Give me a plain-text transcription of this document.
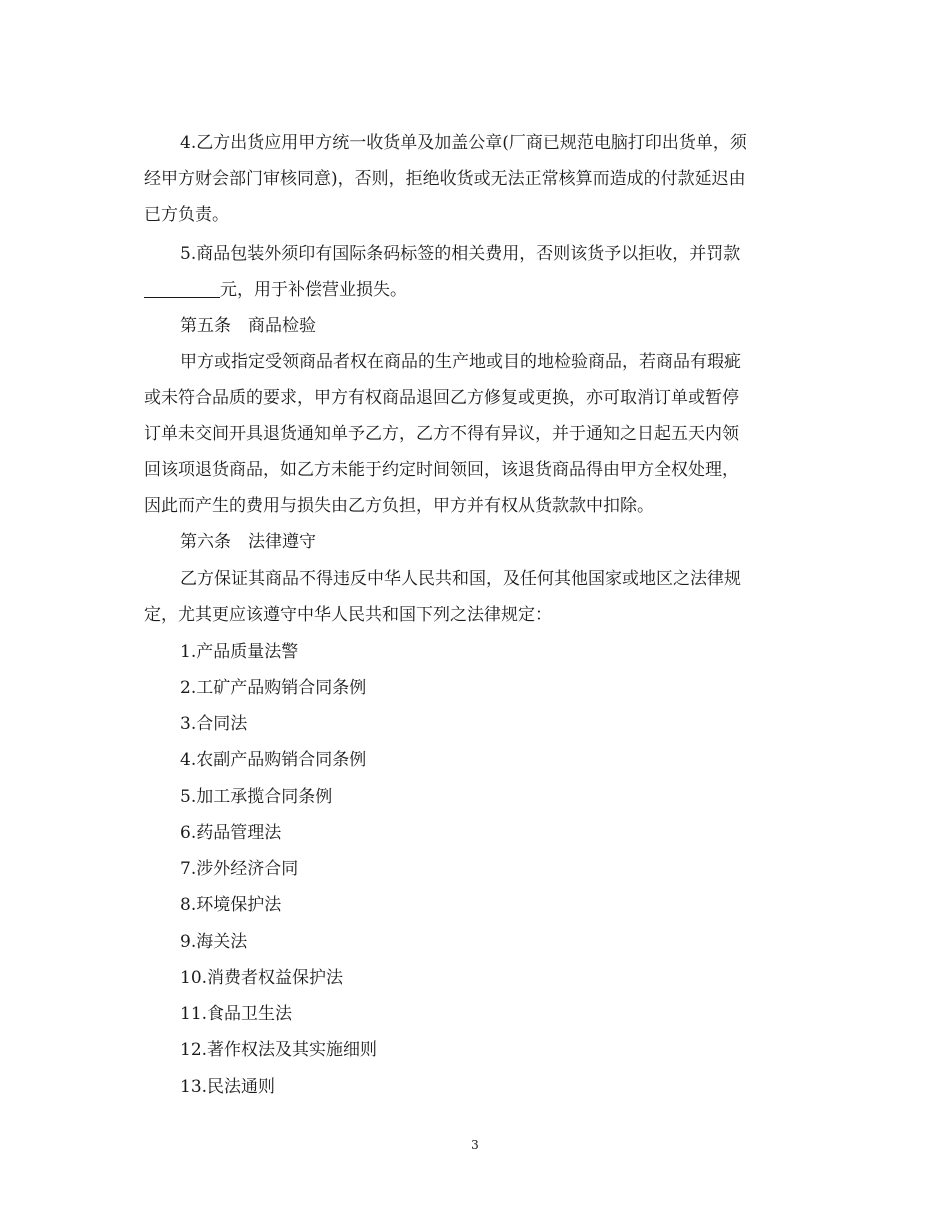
4.乙方出货应用甲方统一收货单及加盖公章(厂商已规范电脑打印出货单，须
经甲方财会部门审核同意)，否则，拒绝收货或无法正常核算而造成的付款延迟由
已方负责。
5.商品包装外须印有国际条码标签的相关费用，否则该货予以拒收，并罚款
元，用于补偿营业损失。
第五条　商品检验
甲方或指定受领商品者权在商品的生产地或目的地检验商品，若商品有瑕疵
或未符合品质的要求，甲方有权商品退回乙方修复或更换，亦可取消订单或暂停
订单未交间开具退货通知单予乙方，乙方不得有异议，并于通知之日起五天内领
回该项退货商品，如乙方未能于约定时间领回，该退货商品得由甲方全权处理，
因此而产生的费用与损失由乙方负担，甲方并有权从货款款中扣除。
第六条　法律遵守
乙方保证其商品不得违反中华人民共和国，及任何其他国家或地区之法律规
定，尤其更应该遵守中华人民共和国下列之法律规定：
1.产品质量法警
2.工矿产品购销合同条例
3.合同法
4.农副产品购销合同条例
5.加工承揽合同条例
6.药品管理法
7.涉外经济合同
8.环境保护法
9.海关法
10.消费者权益保护法
11.食品卫生法
12.著作权法及其实施细则
13.民法通则
3
